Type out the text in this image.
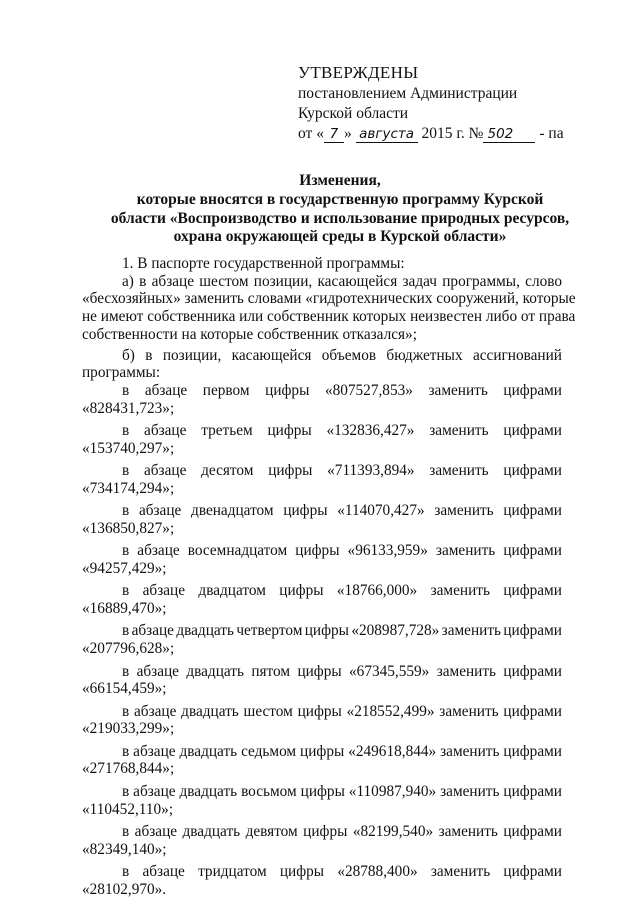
УТВЕРЖДЕНЫ
постановлением Администрации
Курской области
от « 7 » августа 2015 г. № 502 - па
Изменения,
которые вносятся в государственную программу Курской
области «Воспроизводство и использование природных ресурсов,
охрана окружающей среды в Курской области»

1. В паспорте государственной программы:

а) в абзаце шестом позиции, касающейся задач программы, слово

«бесхозяйных» заменить словами «гидротехнических сооружений, которые

не имеют собственника или собственник которых неизвестен либо от права

собственности на которые собственник отказался»;

б) в позиции, касающейся объемов бюджетных ассигнований

программы:

в абзаце первом цифры «807527,853» заменить цифрами
«828431,723»;
в абзаце третьем цифры «132836,427» заменить цифрами
«153740,297»;
в абзаце десятом цифры «711393,894» заменить цифрами
«734174,294»;
в абзаце двенадцатом цифры «114070,427» заменить цифрами
«136850,827»;
в абзаце восемнадцатом цифры «96133,959» заменить цифрами
«94257,429»;
в абзаце двадцатом цифры «18766,000» заменить цифрами
«16889,470»;
в абзаце двадцать четвертом цифры «208987,728» заменить цифрами
«207796,628»;
в абзаце двадцать пятом цифры «67345,559» заменить цифрами
«66154,459»;
в абзаце двадцать шестом цифры «218552,499» заменить цифрами
«219033,299»;
в абзаце двадцать седьмом цифры «249618,844» заменить цифрами
«271768,844»;
в абзаце двадцать восьмом цифры «110987,940» заменить цифрами
«110452,110»;
в абзаце двадцать девятом цифры «82199,540» заменить цифрами
«82349,140»;
в абзаце тридцатом цифры «28788,400» заменить цифрами
«28102,970».
